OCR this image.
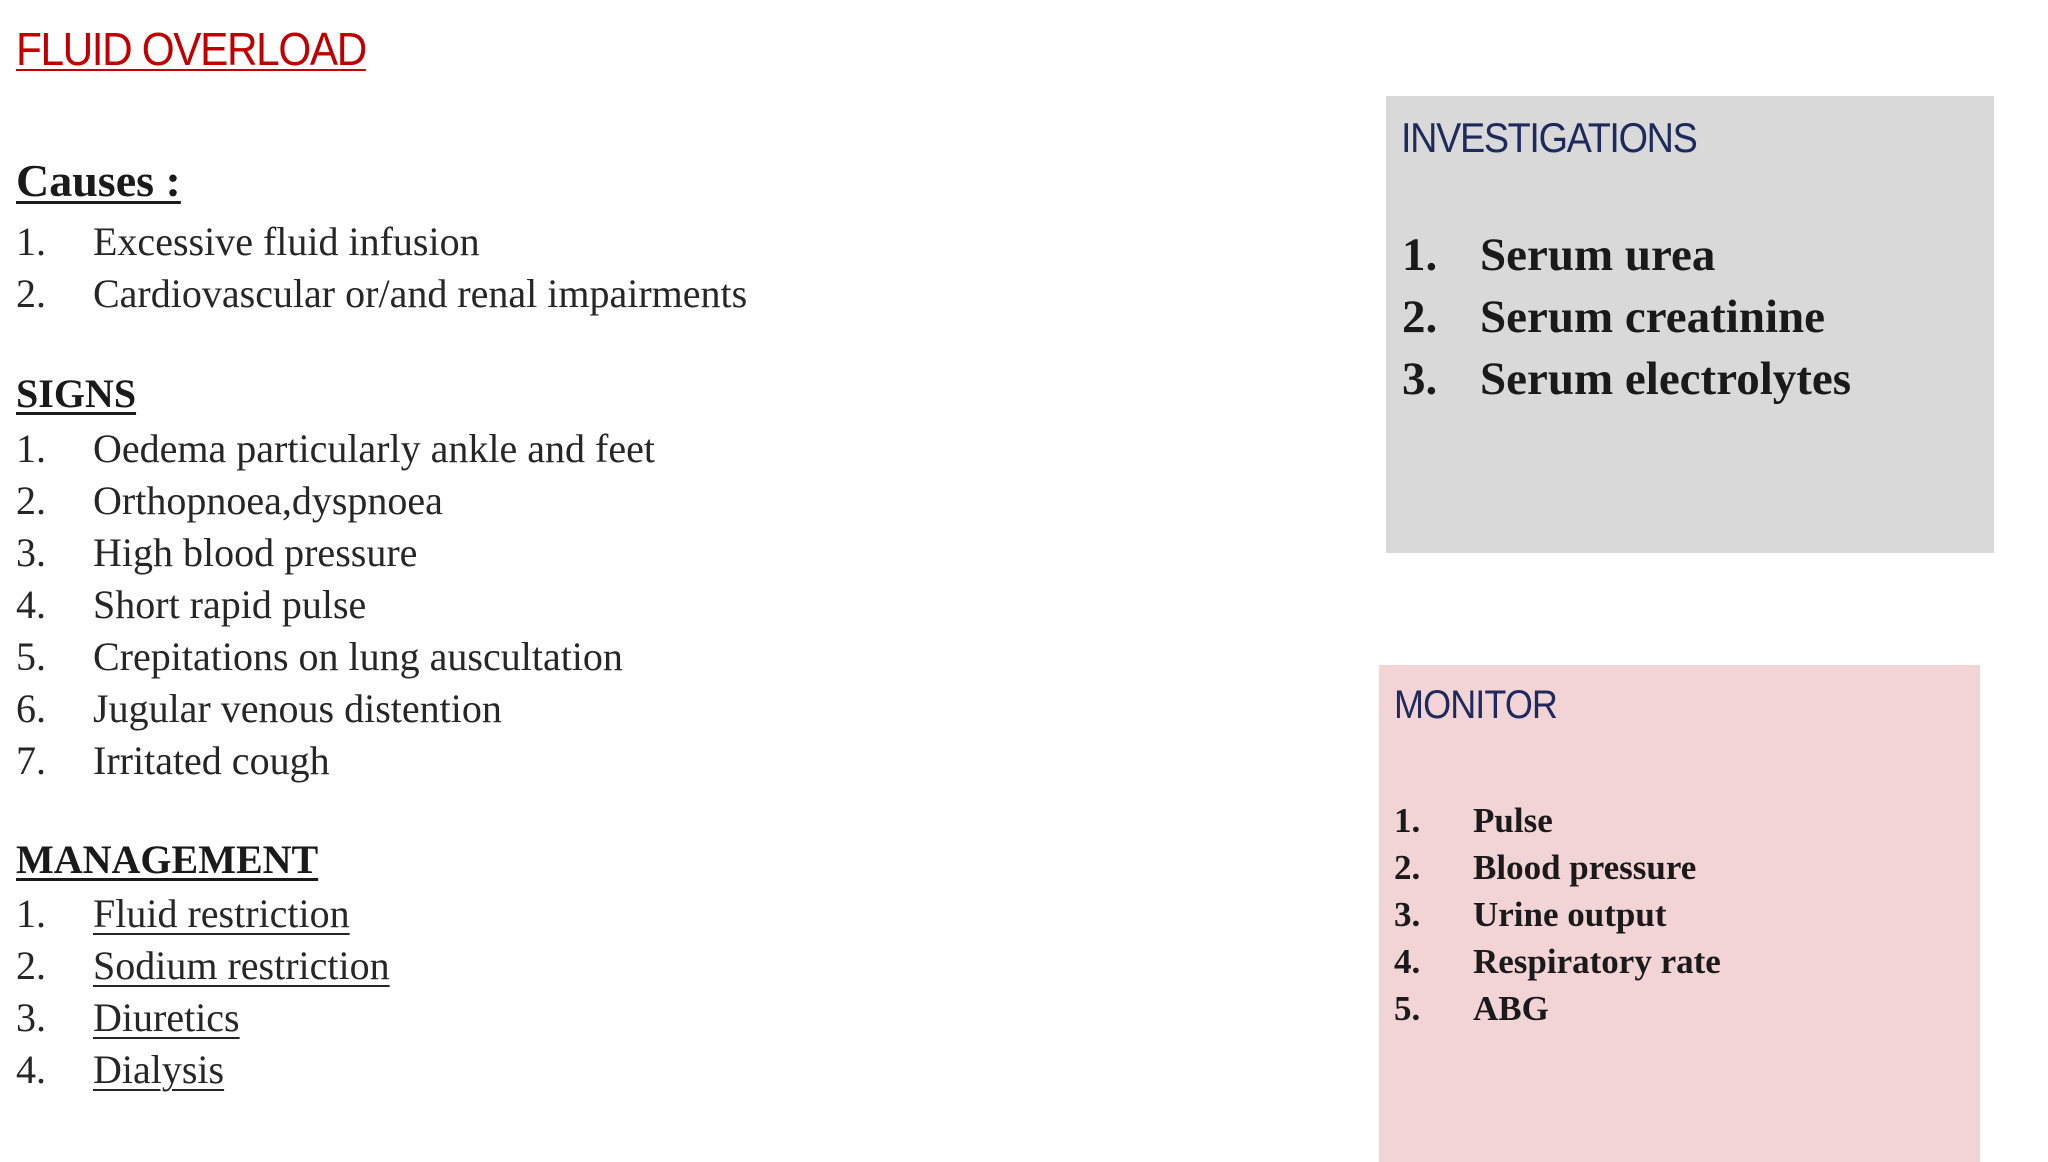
FLUID OVERLOAD
Causes :
1.	Excessive fluid infusion
2.	Cardiovascular or/and renal impairments
SIGNS
1.	Oedema particularly ankle and feet
2.	Orthopnoea,dyspnoea
3.	High blood pressure
4.	Short rapid pulse
5.	Crepitations on lung auscultation
6.	Jugular venous distention
7.	Irritated cough
MANAGEMENT
1.	Fluid restriction
2.	Sodium restriction
3.	Diuretics
4.	Dialysis
INVESTIGATIONS
1. Serum urea
2. Serum creatinine
3. Serum electrolytes
MONITOR
1.	Pulse
2.	Blood pressure
3.	Urine output
4.	Respiratory rate
5.	ABG
